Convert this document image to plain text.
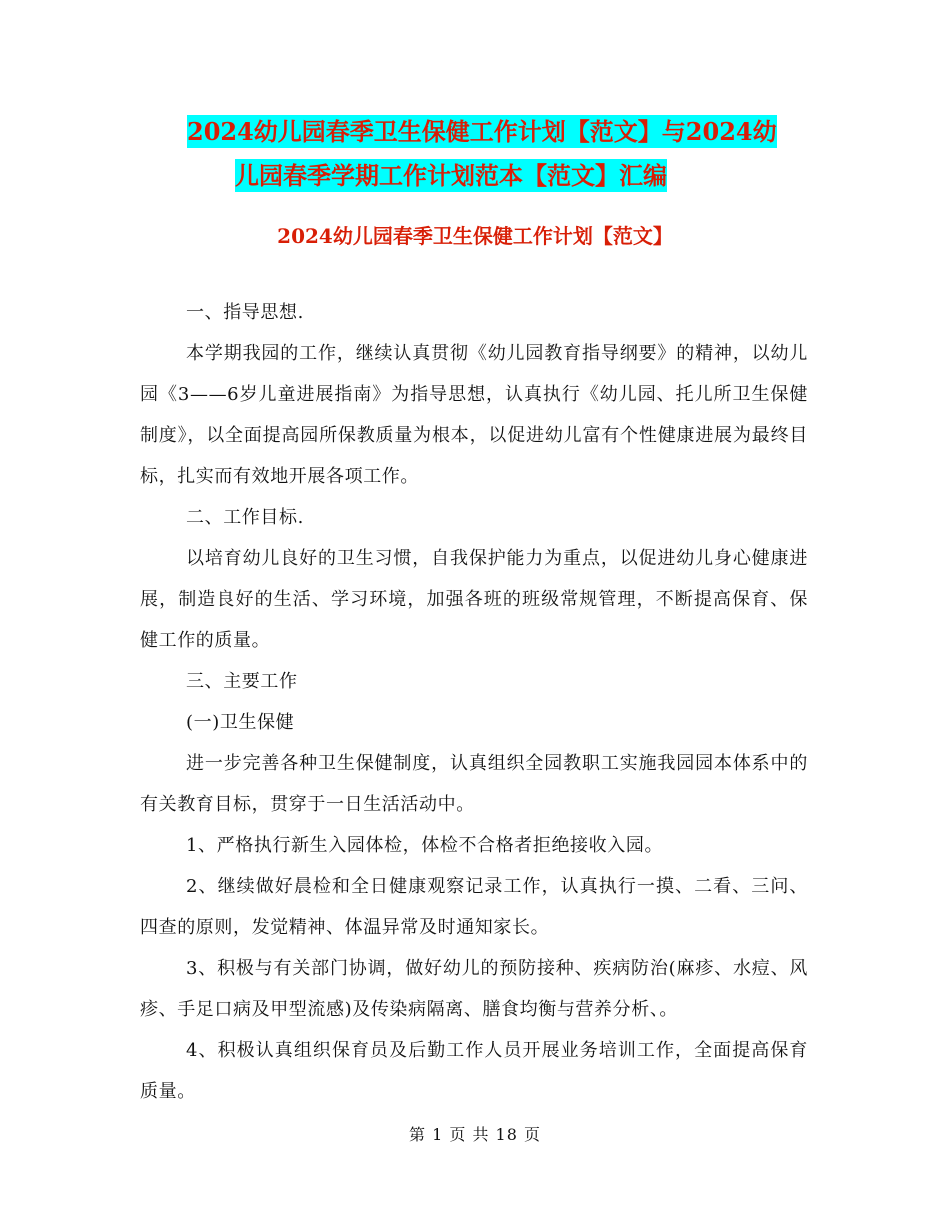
2024幼儿园春季卫生保健工作计划【范文】与2024幼
儿园春季学期工作计划范本【范文】汇编
2024幼儿园春季卫生保健工作计划【范文】

一、指导思想.

本学期我园的工作，继续认真贯彻《幼儿园教育指导纲要》的精神，以幼儿园《3——6岁儿童进展指南》为指导思想，认真执行《幼儿园、托儿所卫生保健制度》，以全面提高园所保教质量为根本，以促进幼儿富有个性健康进展为最终目标，扎实而有效地开展各项工作。

二、工作目标.

以培育幼儿良好的卫生习惯，自我保护能力为重点，以促进幼儿身心健康进展，制造良好的生活、学习环境，加强各班的班级常规管理，不断提高保育、保健工作的质量。

三、主要工作

(一)卫生保健

进一步完善各种卫生保健制度，认真组织全园教职工实施我园园本体系中的有关教育目标，贯穿于一日生活活动中。

1、严格执行新生入园体检，体检不合格者拒绝接收入园。

2、继续做好晨检和全日健康观察记录工作，认真执行一摸、二看、三问、四查的原则，发觉精神、体温异常及时通知家长。

3、积极与有关部门协调，做好幼儿的预防接种、疾病防治(麻疹、水痘、风疹、手足口病及甲型流感)及传染病隔离、膳食均衡与营养分析、。

4、积极认真组织保育员及后勤工作人员开展业务培训工作，全面提高保育质量。

第 1 页 共 18 页
